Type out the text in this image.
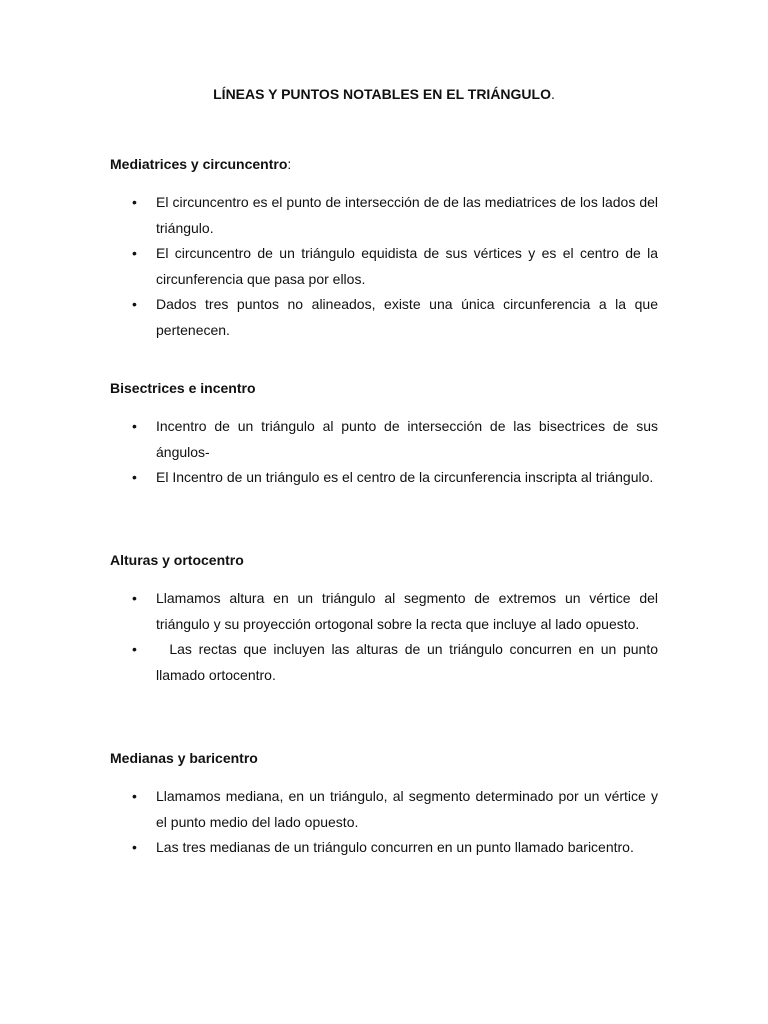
LÍNEAS Y PUNTOS NOTABLES EN EL TRIÁNGULO.
Mediatrices y circuncentro:
• El circuncentro es el punto de intersección de de las mediatrices de los lados del triángulo.
• El circuncentro de un triángulo equidista de sus vértices y es el centro de la circunferencia que pasa por ellos.
• Dados tres puntos no alineados, existe una única circunferencia a la que pertenecen.
Bisectrices e incentro
• Incentro de un triángulo al punto de intersección de las bisectrices de sus ángulos-
• El Incentro de un triángulo es el centro de la circunferencia inscripta al triángulo.
Alturas y ortocentro
• Llamamos altura en un triángulo al segmento de extremos un vértice del triángulo y su proyección ortogonal sobre la recta que incluye al lado opuesto.
• Las rectas que incluyen las alturas de un triángulo concurren en un punto llamado ortocentro.
Medianas y baricentro
• Llamamos mediana, en un triángulo, al segmento determinado por un vértice y el punto medio del lado opuesto.
• Las tres medianas de un triángulo concurren en un punto llamado baricentro.
